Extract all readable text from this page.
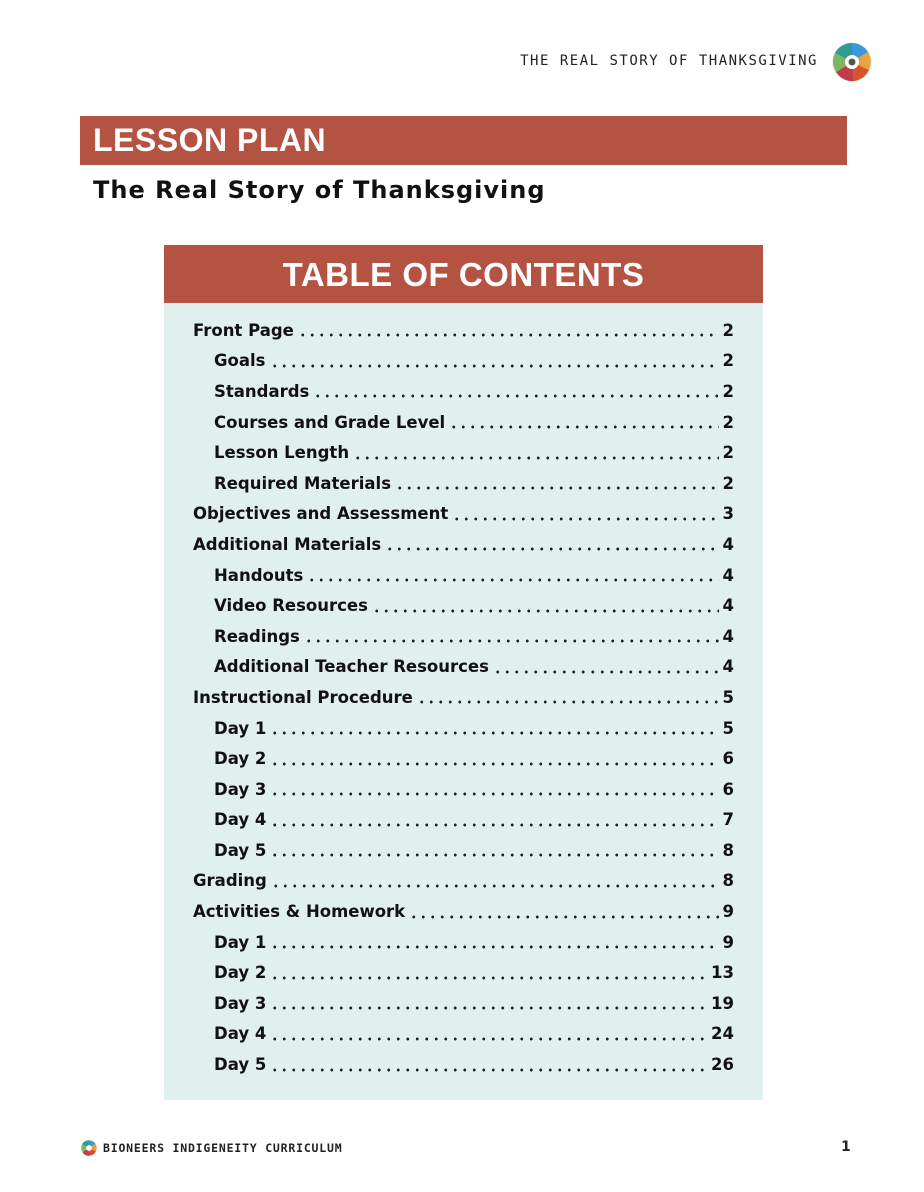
THE REAL STORY OF THANKSGIVING
LESSON PLAN
The Real Story of Thanksgiving
TABLE OF CONTENTS
Front Page	2
Goals	2
Standards	2
Courses and Grade Level	2
Lesson Length	2
Required Materials	2
Objectives and Assessment	3
Additional Materials	4
Handouts	4
Video Resources	4
Readings	4
Additional Teacher Resources	4
Instructional Procedure	5
Day 1	5
Day 2	6
Day 3	6
Day 4	7
Day 5	8
Grading	8
Activities & Homework	9
Day 1	9
Day 2	13
Day 3	19
Day 4	24
Day 5	26
BIONEERS INDIGENEITY CURRICULUM	1
